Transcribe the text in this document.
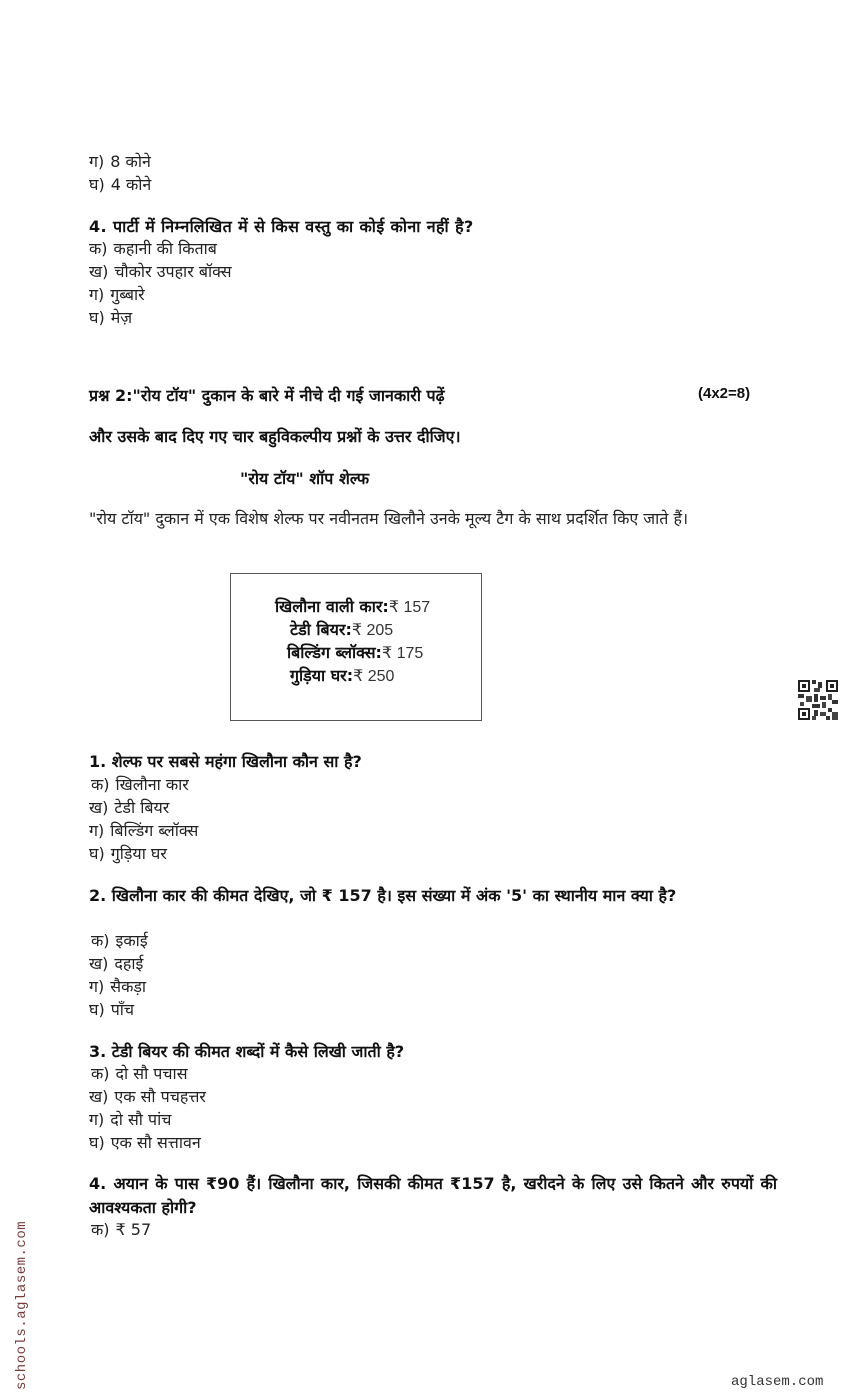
ग) 8 कोने
घ) 4 कोने
4. पार्टी में निम्नलिखित में से किस वस्तु का कोई कोना नहीं है?
क) कहानी की किताब
ख) चौकोर उपहार बॉक्स
ग) गुब्बारे
घ) मेज़
प्रश्न 2:"रोय टॉय" दुकान के बारे में नीचे दी गई जानकारी पढ़ें	(4x2=8)
और उसके बाद दिए गए चार बहुविकल्पीय प्रश्नों के उत्तर दीजिए।
"रोय टॉय" शॉप शेल्फ
"रोय टॉय" दुकान में एक विशेष शेल्फ पर नवीनतम खिलौने उनके मूल्य टैग के साथ प्रदर्शित किए जाते हैं।
खिलौना वाली कार:₹ 157
टेडी बियर:₹ 205
बिल्डिंग ब्लॉक्स:₹ 175
गुड़िया घर:₹ 250
1. शेल्फ पर सबसे महंगा खिलौना कौन सा है?
क) खिलौना कार
ख) टेडी बियर
ग) बिल्डिंग ब्लॉक्स
घ) गुड़िया घर
2. खिलौना कार की कीमत देखिए, जो ₹ 157 है। इस संख्या में अंक '5' का स्थानीय मान क्या है?
क) इकाई
ख) दहाई
ग) सैकड़ा
घ) पाँच
3. टेडी बियर की कीमत शब्दों में कैसे लिखी जाती है?
क) दो सौ पचास
ख) एक सौ पचहत्तर
ग) दो सौ पांच
घ) एक सौ सत्तावन
4. अयान के पास ₹90 हैं। खिलौना कार, जिसकी कीमत ₹157 है, खरीदने के लिए उसे कितने और रुपयों की आवश्यकता होगी?
क) ₹ 57
schools.aglasem.com	aglasem.com
